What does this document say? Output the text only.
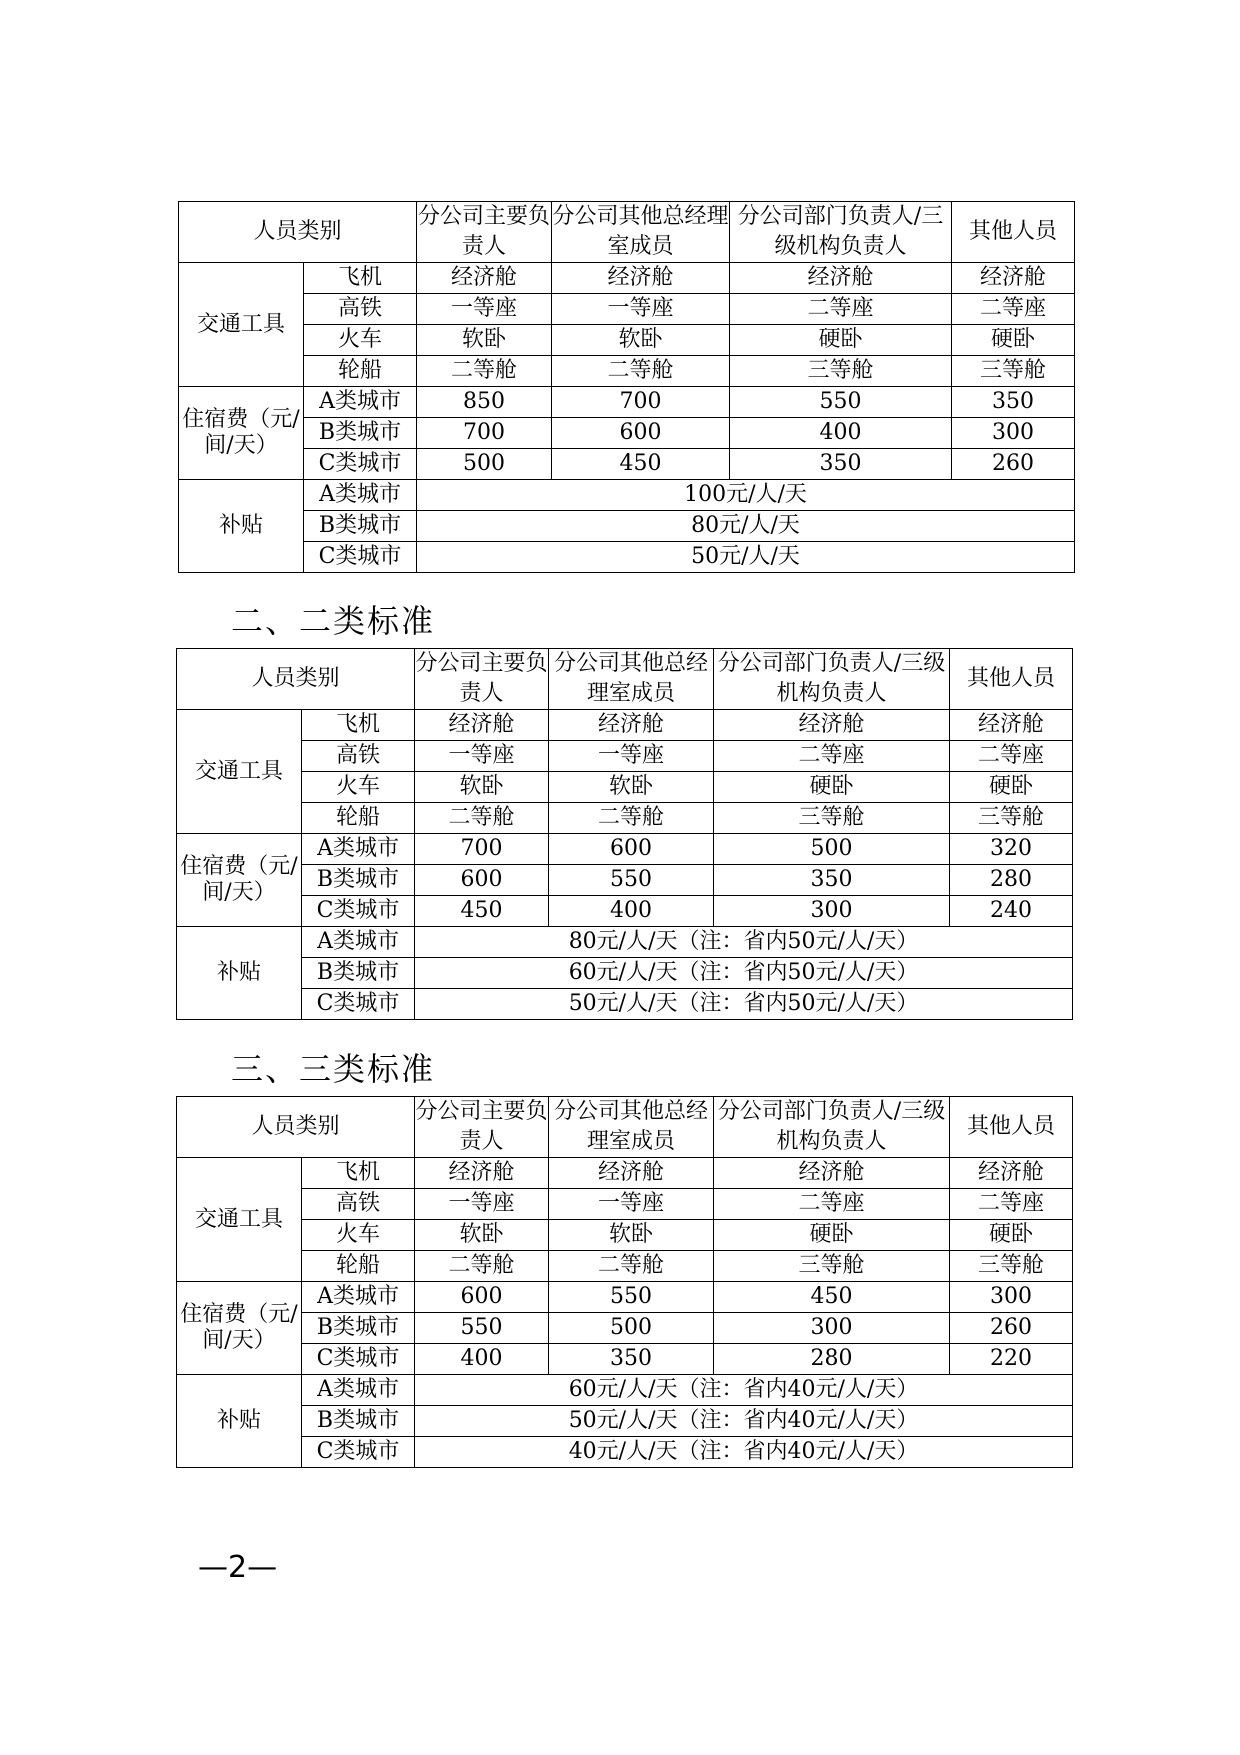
人员类别		分公司主要负责人	分公司其他总经理室成员	分公司部门负责人/三级机构负责人	其他人员
交通工具	飞机	经济舱	经济舱	经济舱	经济舱
	高铁	一等座	一等座	二等座	二等座
	火车	软卧	软卧	硬卧	硬卧
	轮船	二等舱	二等舱	三等舱	三等舱
住宿费（元/间/天）	A类城市	850	700	550	350
	B类城市	700	600	400	300
	C类城市	500	450	350	260
补贴	A类城市	100元/人/天			
	B类城市	80元/人/天			
	C类城市	50元/人/天			
二、二类标准
人员类别		分公司主要负责人	分公司其他总经理室成员	分公司部门负责人/三级机构负责人	其他人员
交通工具	飞机	经济舱	经济舱	经济舱	经济舱
	高铁	一等座	一等座	二等座	二等座
	火车	软卧	软卧	硬卧	硬卧
	轮船	二等舱	二等舱	三等舱	三等舱
住宿费（元/间/天）	A类城市	700	600	500	320
	B类城市	600	550	350	280
	C类城市	450	400	300	240
补贴	A类城市	80元/人/天（注：省内50元/人/天）			
	B类城市	60元/人/天（注：省内50元/人/天）			
	C类城市	50元/人/天（注：省内50元/人/天）			
三、三类标准
人员类别		分公司主要负责人	分公司其他总经理室成员	分公司部门负责人/三级机构负责人	其他人员
交通工具	飞机	经济舱	经济舱	经济舱	经济舱
	高铁	一等座	一等座	二等座	二等座
	火车	软卧	软卧	硬卧	硬卧
	轮船	二等舱	二等舱	三等舱	三等舱
住宿费（元/间/天）	A类城市	600	550	450	300
	B类城市	550	500	300	260
	C类城市	400	350	280	220
补贴	A类城市	60元/人/天（注：省内40元/人/天）			
	B类城市	50元/人/天（注：省内40元/人/天）			
	C类城市	40元/人/天（注：省内40元/人/天）			
—2—
